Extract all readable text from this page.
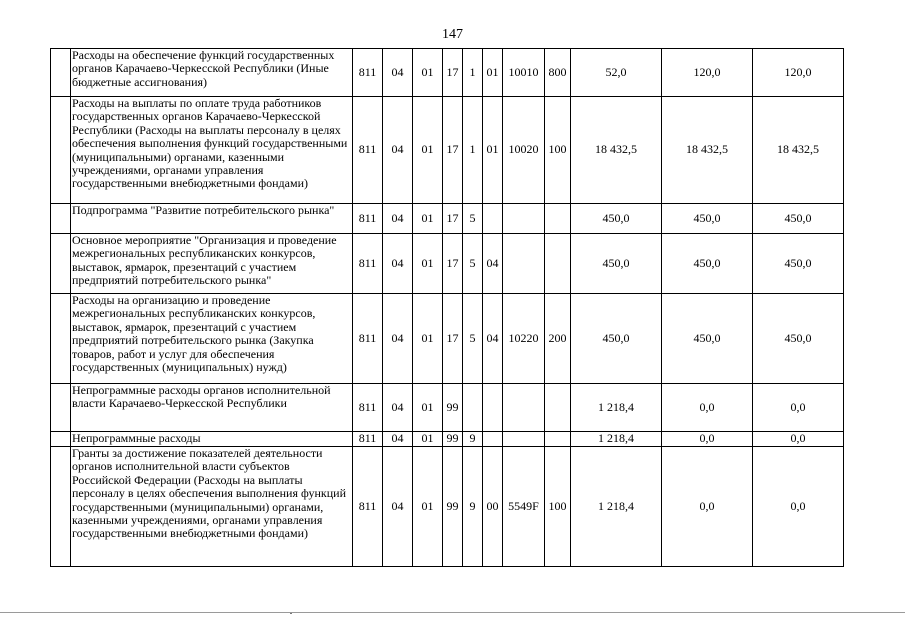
147
	Расходы на обеспечение функций государственных органов Карачаево-Черкесской Республики (Иные бюджетные ассигнования)	811	04	01	17	1	01	10010	800	52,0	120,0	120,0
	Расходы на выплаты по оплате труда работников государственных органов Карачаево-Черкесской Республики (Расходы на выплаты персоналу в целях обеспечения выполнения функций государственными (муниципальными) органами, казенными учреждениями, органами управления государственными внебюджетными фондами)	811	04	01	17	1	01	10020	100	18 432,5	18 432,5	18 432,5
	Подпрограмма "Развитие потребительского рынка"	811	04	01	17	5				450,0	450,0	450,0
	Основное мероприятие "Организация и проведение межрегиональных республиканских конкурсов, выставок, ярмарок, презентаций с участием предприятий потребительского рынка"	811	04	01	17	5	04			450,0	450,0	450,0
	Расходы на организацию и проведение межрегиональных республиканских конкурсов, выставок, ярмарок, презентаций с участием предприятий потребительского рынка (Закупка товаров, работ и услуг для обеспечения государственных (муниципальных) нужд)	811	04	01	17	5	04	10220	200	450,0	450,0	450,0
	Непрограммные расходы органов исполнительной власти Карачаево-Черкесской Республики	811	04	01	99					1 218,4	0,0	0,0
	Непрограммные расходы	811	04	01	99	9				1 218,4	0,0	0,0
	Гранты за достижение показателей деятельности органов исполнительной власти субъектов Российской Федерации (Расходы на выплаты персоналу в целях обеспечения выполнения функций государственными (муниципальными) органами, казенными учреждениями, органами управления государственными внебюджетными фондами)	811	04	01	99	9	00	5549F	100	1 218,4	0,0	0,0
